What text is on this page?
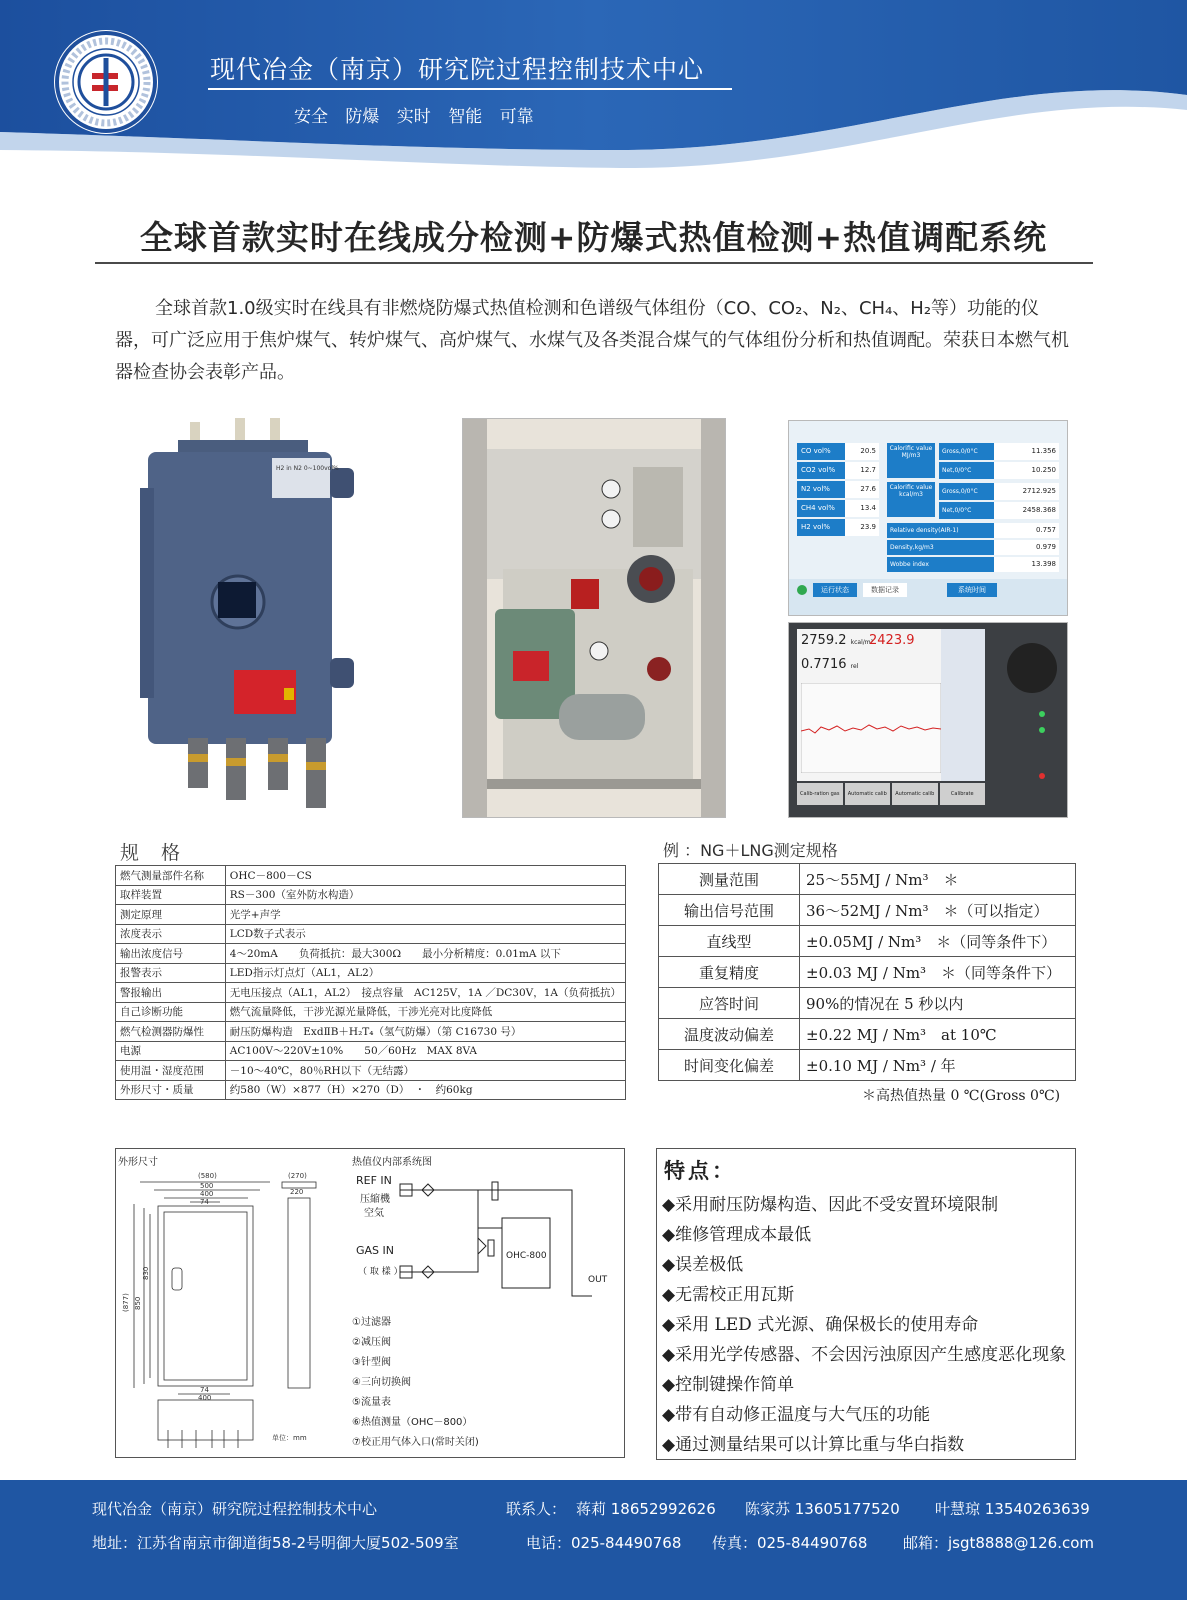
现代冶金（南京）研究院过程控制技术中心
安全 防爆 实时 智能 可靠
全球首款实时在线成分检测+防爆式热值检测+热值调配系统
全球首款1.0级实时在线具有非燃烧防爆式热值检测和色谱级气体组份（CO、CO₂、N₂、CH₄、H₂等）功能的仪器，可广泛应用于焦炉煤气、转炉煤气、高炉煤气、水煤气及各类混合煤气的气体组份分析和热值调配。荣获日本燃气机器检查协会表彰产品。
H2 in N2 0~100vol%
CO vol%	20.5
CO2 vol%	12.7
N2 vol%	27.6
CH4 vol%	13.4
H2 vol%	23.9
Calorific value MJ/m3
Calorific value kcal/m3
Gross,0/0°C	11.356
Net,0/0°C	10.250
Gross,0/0°C	2712.925
Net,0/0°C	2458.368
Relative density(AIR-1)	0.757
Density,kg/m3	0.979
Wobbe index	13.398
运行状态	数据记录	系统时间
2759.2 kcal/m³
2423.9
0.7716 rel
Calib-ration gas	Automatic calib	Automatic calib	Calibrate
规 格
燃气测量部件名称	OHC－800－CS
取样装置	RS－300（室外防水构造）
测定原理	光学+声学
浓度表示	LCD数子式表示
输出浓度信号	4～20mA　　负荷抵抗：最大300Ω　　最小分析精度：0.01mA 以下
报警表示	LED指示灯点灯（AL1，AL2）
警报输出	无电压接点（AL1，AL2）　接点容量　AC125V，1A ／DC30V，1A（负荷抵抗）
自己诊断功能	燃气流量降低，干涉光源光量降低，干涉光亮对比度降低
燃气检测器防爆性	耐压防爆构造　ExdⅡB＋H₂T₄（氢气防爆）（第 C16730 号）
电源	AC100V～220V±10%　　50／60Hz　MAX 8VA
使用温・湿度范围	－10～40℃，80％RH以下（无结露）
外形尺寸・质量	约580（W）×877（H）×270（D）　・　约60kg
例 ：NG＋LNG测定规格
测量范围	25～55MJ / Nm³　＊
输出信号范围	36～52MJ / Nm³　＊（可以指定）
直线型	±0.05MJ / Nm³　＊（同等条件下）
重复精度	±0.03 MJ / Nm³　＊（同等条件下）
应答时间	90%的情况在 5 秒以内
温度波动偏差	±0.22 MJ / Nm³　at 10℃
时间变化偏差	±0.10 MJ / Nm³ / 年
＊高热值热量 0 ℃(Gross 0℃)
外形尺寸	热值仪内部系统图
(580)
500
400
74
(270)
220
(877) 850
830
74
400
单位：mm
REF IN
压縮機
空気
GAS IN
（ 取 樣 ）
OUT
OHC-800
①过滤器
②减压阀
③针型阀
④三向切换阀
⑤流量表
⑥热值测量（OHC－800）
⑦校正用气体入口(常时关闭)
特点：
◆采用耐压防爆构造、因此不受安置环境限制
◆维修管理成本最低
◆误差极低
◆无需校正用瓦斯
◆采用 LED 式光源、确保极长的使用寿命
◆采用光学传感器、不会因污浊原因产生感度恶化现象
◆控制键操作简单
◆带有自动修正温度与大气压的功能
◆通过测量结果可以计算比重与华白指数
现代冶金（南京）研究院过程控制技术中心	联系人： 蒋莉 18652992626 陈家苏 13605177520 叶慧琼 13540263639
地址：江苏省南京市御道街58-2号明御大厦502-509室	电话：025-84490768 传真：025-84490768 邮箱：jsgt8888@126.com
